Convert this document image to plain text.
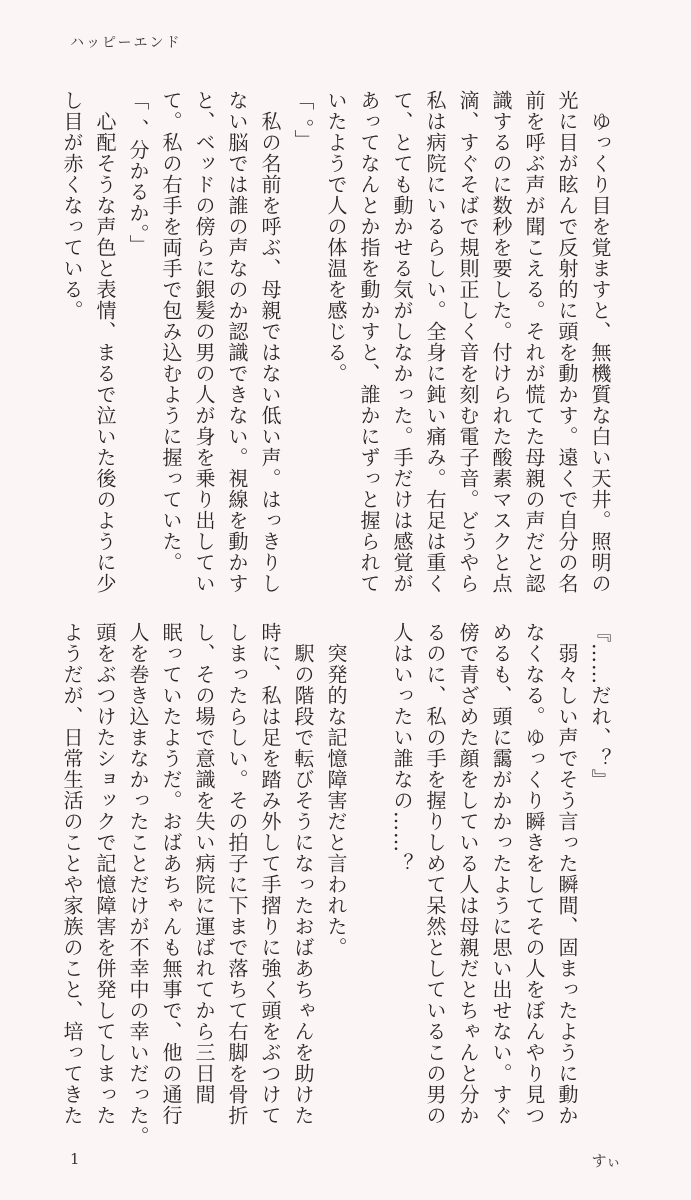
ハッピーエンド
　ゆっくり目を覚ますと、無機質な白い天井。照明の
光に目が眩んで反射的に頭を動かす。遠くで自分の名
前を呼ぶ声が聞こえる。それが慌てた母親の声だと認
識するのに数秒を要した。付けられた酸素マスクと点
滴、すぐそばで規則正しく音を刻む電子音。どうやら
私は病院にいるらしい。全身に鈍い痛み。右足は重く
て、とても動かせる気がしなかった。手だけは感覚が
あってなんとか指を動かすと、誰かにずっと握られて
いたようで人の体温を感じる。
「 。」
　私の名前を呼ぶ、母親ではない低い声。はっきりし
ない脳では誰の声なのか認識できない。視線を動かす
と、ベッドの傍らに銀髪の男の人が身を乗り出してい
て。私の右手を両手で包み込むように握っていた。
「 、分かるか。」
　心配そうな声色と表情、まるで泣いた後のように少
し目が赤くなっている。
『……だれ、？』
　弱々しい声でそう言った瞬間、固まったように動か
なくなる。ゆっくり瞬きをしてその人をぼんやり見つ
めるも、頭に靄がかかったように思い出せない。すぐ
傍で青ざめた顔をしている人は母親だとちゃんと分か
るのに、私の手を握りしめて呆然としているこの男の
人はいったい誰なの……？
　突発的な記憶障害だと言われた。
　駅の階段で転びそうになったおばあちゃんを助けた
時に、私は足を踏み外して手摺りに強く頭をぶつけて
しまったらしい。その拍子に下まで落ちて右脚を骨折
し、その場で意識を失い病院に運ばれてから三日間
眠っていたようだ。おばあちゃんも無事で、他の通行
人を巻き込まなかったことだけが不幸中の幸いだった。
頭をぶつけたショックで記憶障害を併発してしまった
ようだが、日常生活のことや家族のこと、培ってきた
1	すぃ
